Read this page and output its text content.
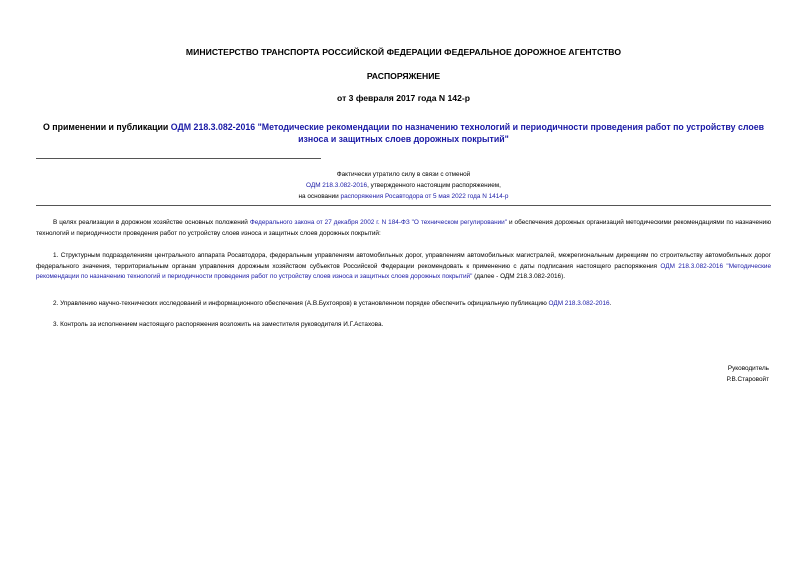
МИНИСТЕРСТВО ТРАНСПОРТА РОССИЙСКОЙ ФЕДЕРАЦИИ ФЕДЕРАЛЬНОЕ ДОРОЖНОЕ АГЕНТСТВО
РАСПОРЯЖЕНИЕ
от 3 февраля 2017 года N 142-р
О применении и публикации ОДМ 218.3.082-2016 "Методические рекомендации по назначению технологий и периодичности проведения работ по устройству слоев износа и защитных слоев дорожных покрытий"
Фактически утратило силу в связи с отменой
ОДМ 218.3.082-2016, утвержденного настоящим распоряжением,
на основании распоряжения Росавтодора от 5 мая 2022 года N 1414-р
В целях реализации в дорожном хозяйстве основных положений Федерального закона от 27 декабря 2002 г. N 184-ФЗ "О техническом регулировании" и обеспечения дорожных организаций методическими рекомендациями по назначению технологий и периодичности проведения работ по устройству слоев износа и защитных слоев дорожных покрытий:
1. Структурным подразделениям центрального аппарата Росавтодора, федеральным управлениям автомобильных дорог, управлениям автомобильных магистралей, межрегиональным дирекциям по строительству автомобильных дорог федерального значения, территориальным органам управления дорожным хозяйством субъектов Российской Федерации рекомендовать к применению с даты подписания настоящего распоряжения ОДМ 218.3.082-2016 "Методические рекомендации по назначению технологий и периодичности проведения работ по устройству слоев износа и защитных слоев дорожных покрытий" (далее - ОДМ 218.3.082-2016).
2. Управлению научно-технических исследований и информационного обеспечения (А.В.Бухтояров) в установленном порядке обеспечить официальную публикацию ОДМ 218.3.082-2016.
3. Контроль за исполнением настоящего распоряжения возложить на заместителя руководителя И.Г.Астахова.
Руководитель
Р.В.Старовойт
